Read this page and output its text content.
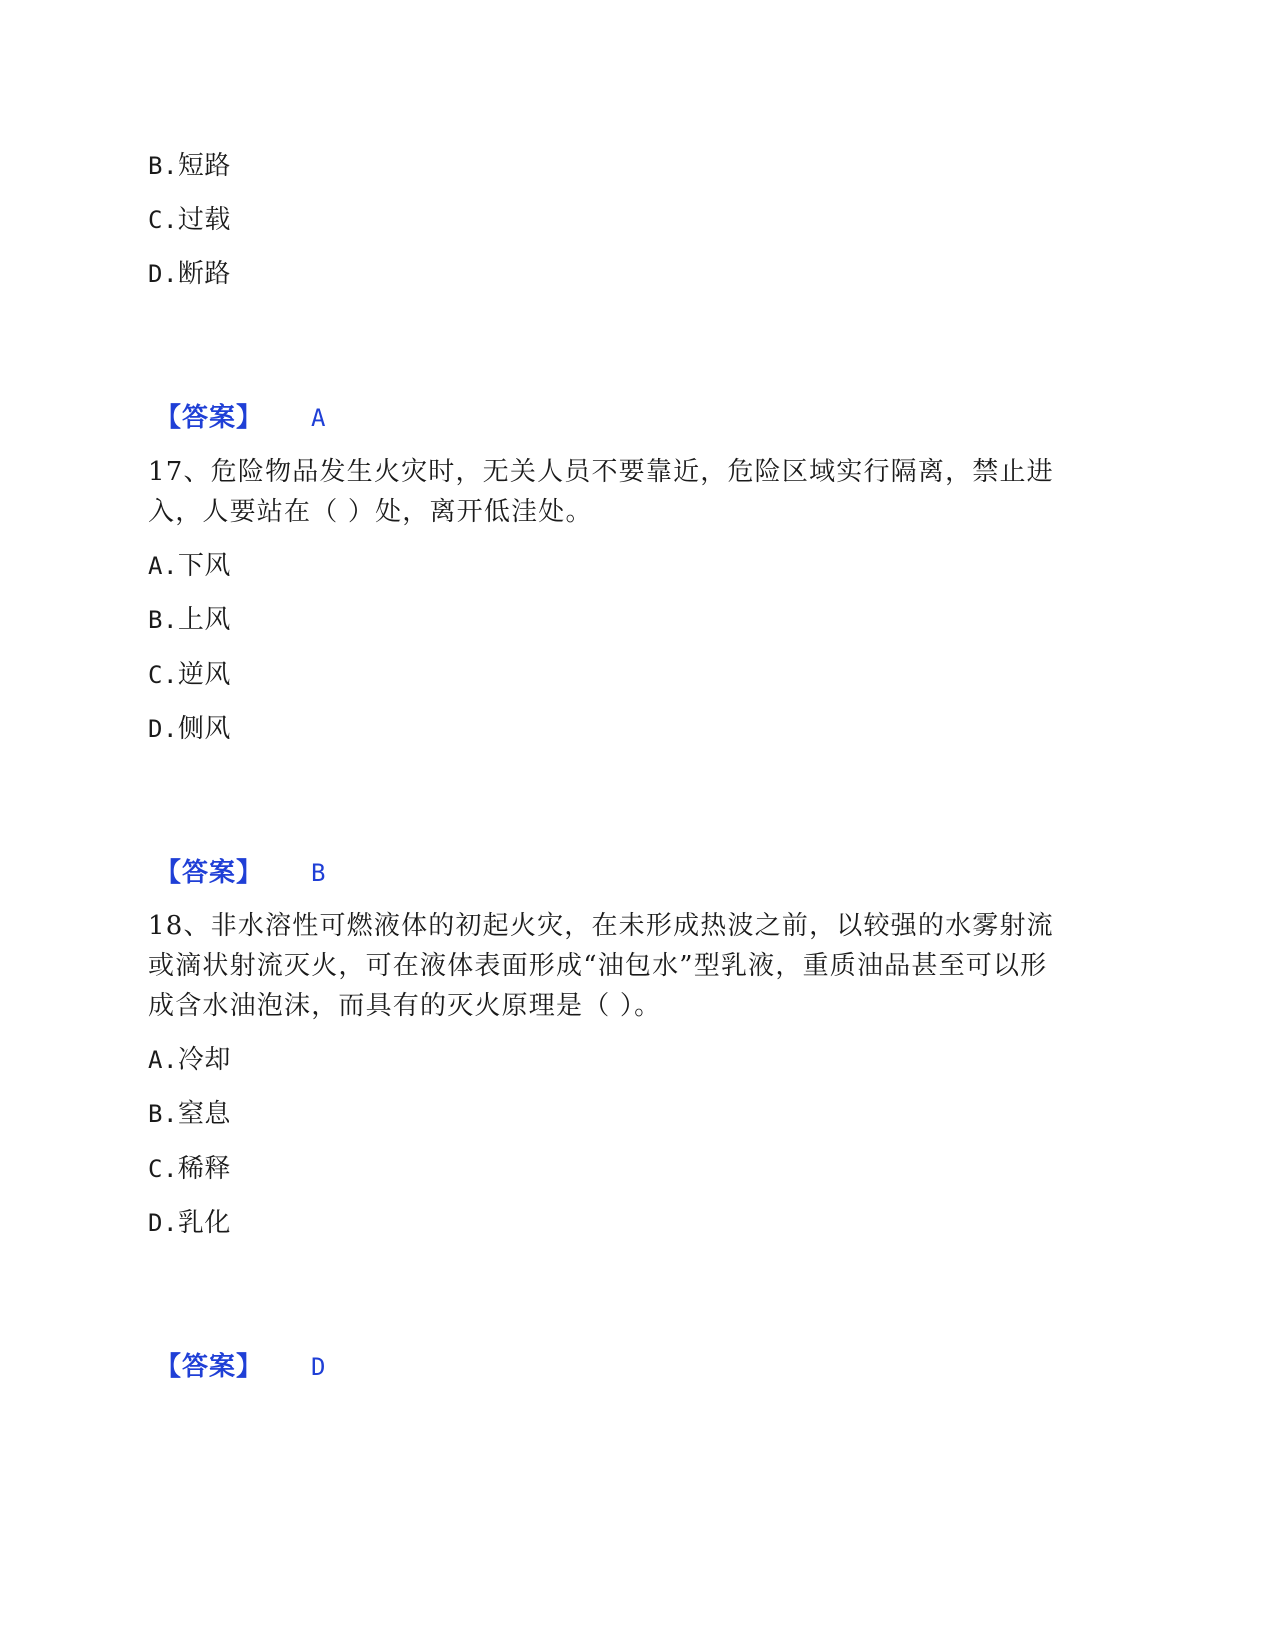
B.短路
C.过载
D.断路
【答案】 A
17、危险物品发生火灾时，无关人员不要靠近，危险区域实行隔离，禁止进
入，人要站在（ ）处，离开低洼处。
A.下风
B.上风
C.逆风
D.侧风
【答案】 B
18、非水溶性可燃液体的初起火灾，在未形成热波之前，以较强的水雾射流
或滴状射流灭火，可在液体表面形成“油包水”型乳液，重质油品甚至可以形
成含水油泡沫，而具有的灭火原理是（ ）。
A.冷却
B.窒息
C.稀释
D.乳化
【答案】 D
